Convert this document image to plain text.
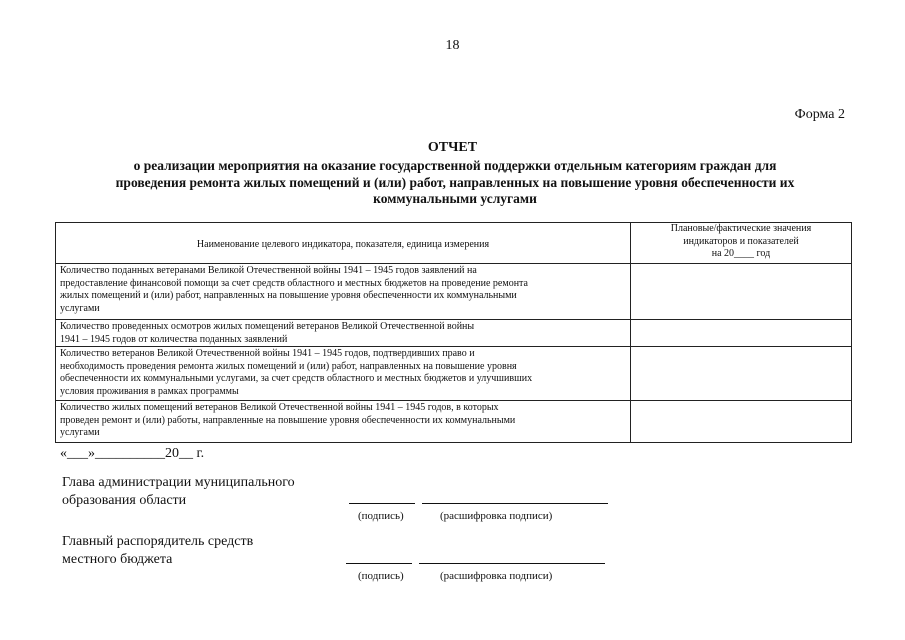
18
Форма 2
ОТЧЕТ
о реализации мероприятия на оказание государственной поддержки отдельным категориям граждан для
проведения ремонта жилых помещений и (или) работ, направленных на повышение уровня обеспеченности их
коммунальными услугами
Наименование целевого индикатора, показателя, единица измерения	Плановые/фактические значения
индикаторов и показателей
на 20____ год

Количество поданных ветеранами Великой Отечественной войны 1941 – 1945 годов заявлений на
предоставление финансовой помощи за счет средств областного и местных бюджетов на проведение ремонта
жилых помещений и (или) работ, направленных на повышение уровня обеспеченности их коммунальными
услугами	

Количество проведенных осмотров жилых помещений ветеранов Великой Отечественной войны
1941 – 1945 годов от количества поданных заявлений	

Количество ветеранов Великой Отечественной войны 1941 – 1945 годов, подтвердивших право и
необходимость проведения ремонта жилых помещений и (или) работ, направленных на повышение уровня
обеспеченности их коммунальными услугами, за счет средств областного и местных бюджетов и улучшивших
условия проживания в рамках программы	

Количество жилых помещений ветеранов Великой Отечественной войны 1941 – 1945 годов, в которых
проведен ремонт и (или) работы, направленные на повышение уровня обеспеченности их коммунальными
услугами	

«___»__________20__ г.
Глава администрации муниципального
образования области
(подпись)	(расшифровка подписи)
Главный распорядитель средств
местного бюджета
(подпись)	(расшифровка подписи)
